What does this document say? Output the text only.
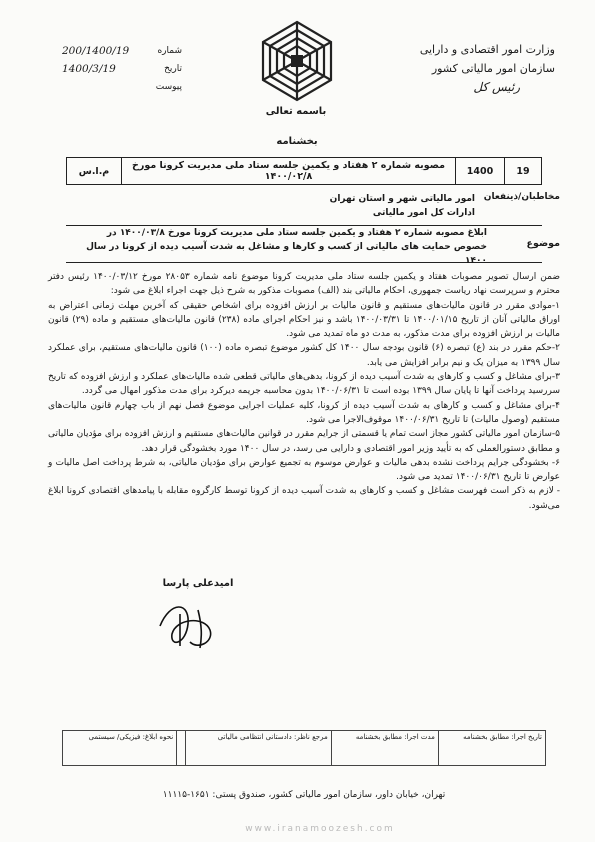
وزارت امور اقتصادی و دارایی
سازمان امور مالیاتی کشور
رئیس کل
باسمه تعالی
بخشنامه
شماره
200/1400/19
تاریخ
1400/3/19
پیوست
19	1400	مصوبه شماره ۲ هفتاد و یکمین جلسه ستاد ملی مدیریت کرونا مورخ ۱۴۰۰/۰۲/۸	م.ا.س
مخاطبان/ذینفعان
امور مالیاتی شهر و استان تهران
ادارات کل امور مالیاتی
موضوع
ابلاغ مصوبه شماره ۲ هفتاد و یکمین جلسه ستاد ملی مدیریت کرونا مورخ ۱۴۰۰/۰۳/۸ در خصوص حمایت های مالیاتی از کسب و کارها و مشاغل به شدت آسیب دیده از کرونا در سال ۱۴۰۰

ضمن ارسال تصویر مصوبات هفتاد و یکمین جلسه ستاد ملی مدیریت کرونا موضوع نامه شماره ۲۸۰۵۳ مورخ ۱۴۰۰/۰۳/۱۲ رئیس دفتر محترم و سرپرست نهاد ریاست جمهوری، احکام مالیاتی بند (الف) مصوبات مذکور به شرح ذیل جهت اجراء ابلاغ می شود:

۱-موادی مقرر در قانون مالیات‌های مستقیم و قانون مالیات بر ارزش افزوده برای اشخاص حقیقی که آخرین مهلت زمانی اعتراض به اوراق مالیاتی آنان از تاریخ ۱۴۰۰/۰۱/۱۵ تا ۱۴۰۰/۰۳/۳۱ باشد و نیز احکام اجرای ماده (۲۳۸) قانون مالیات‌های مستقیم و ماده (۲۹) قانون مالیات بر ارزش افزوده برای مدت مذکور، به مدت دو ماه تمدید می شود.

۲-حکم مقرر در بند (ع) تبصره (۶) قانون بودجه سال ۱۴۰۰ کل کشور موضوع تبصره ماده (۱۰۰) قانون مالیات‌های مستقیم، برای عملکرد سال ۱۳۹۹ به میزان یک و نیم برابر افزایش می یابد.

۳-برای مشاغل و کسب و کارهای به شدت آسیب دیده از کرونا، بدهی‌های مالیاتی قطعی شده مالیات‌های عملکرد و ارزش افزوده که تاریخ سررسید پرداخت آنها تا پایان سال ۱۳۹۹ بوده است تا ۱۴۰۰/۰۶/۳۱ بدون محاسبه جریمه دیرکرد برای مدت مذکور امهال می گردد.

۴-برای مشاغل و کسب و کارهای به شدت آسیب دیده از کرونا، کلیه عملیات اجرایی موضوع فصل نهم از باب چهارم قانون مالیات‌های مستقیم (وصول مالیات) تا تاریخ ۱۴۰۰/۰۶/۳۱ موقوف‌الاجرا می شود.

۵-سازمان امور مالیاتی کشور مجاز است تمام یا قسمتی از جرایم مقرر در قوانین مالیات‌های مستقیم و ارزش افزوده برای مؤدیان مالیاتی و مطابق دستورالعملی که به تأیید وزیر امور اقتصادی و دارایی می رسد، در سال ۱۴۰۰ مورد بخشودگی قرار دهد.

۶- بخشودگی جرایم پرداخت نشده بدهی مالیات و عوارض موسوم به تجمیع عوارض برای مؤدیان مالیاتی، به شرط پرداخت اصل مالیات و عوارض تا تاریخ ۱۴۰۰/۰۶/۳۱ تمدید می شود.

- لازم به ذکر است فهرست مشاغل و کسب و کارهای به شدت آسیب دیده از کرونا توسط کارگروه مقابله با پیامدهای اقتصادی کرونا ابلاغ می‌شود.

امیدعلی پارسا
تاریخ اجرا: مطابق بخشنامه	مدت اجرا: مطابق بخشنامه	مرجع ناظر: دادستانی انتظامی مالیاتی		نحوه ابلاغ: فیزیکی/ سیستمی
تهران، خیابان داور، سازمان امور مالیاتی کشور، صندوق پستی: ۱۶۵۱-۱۱۱۱۵
www.iranamoozesh.com
